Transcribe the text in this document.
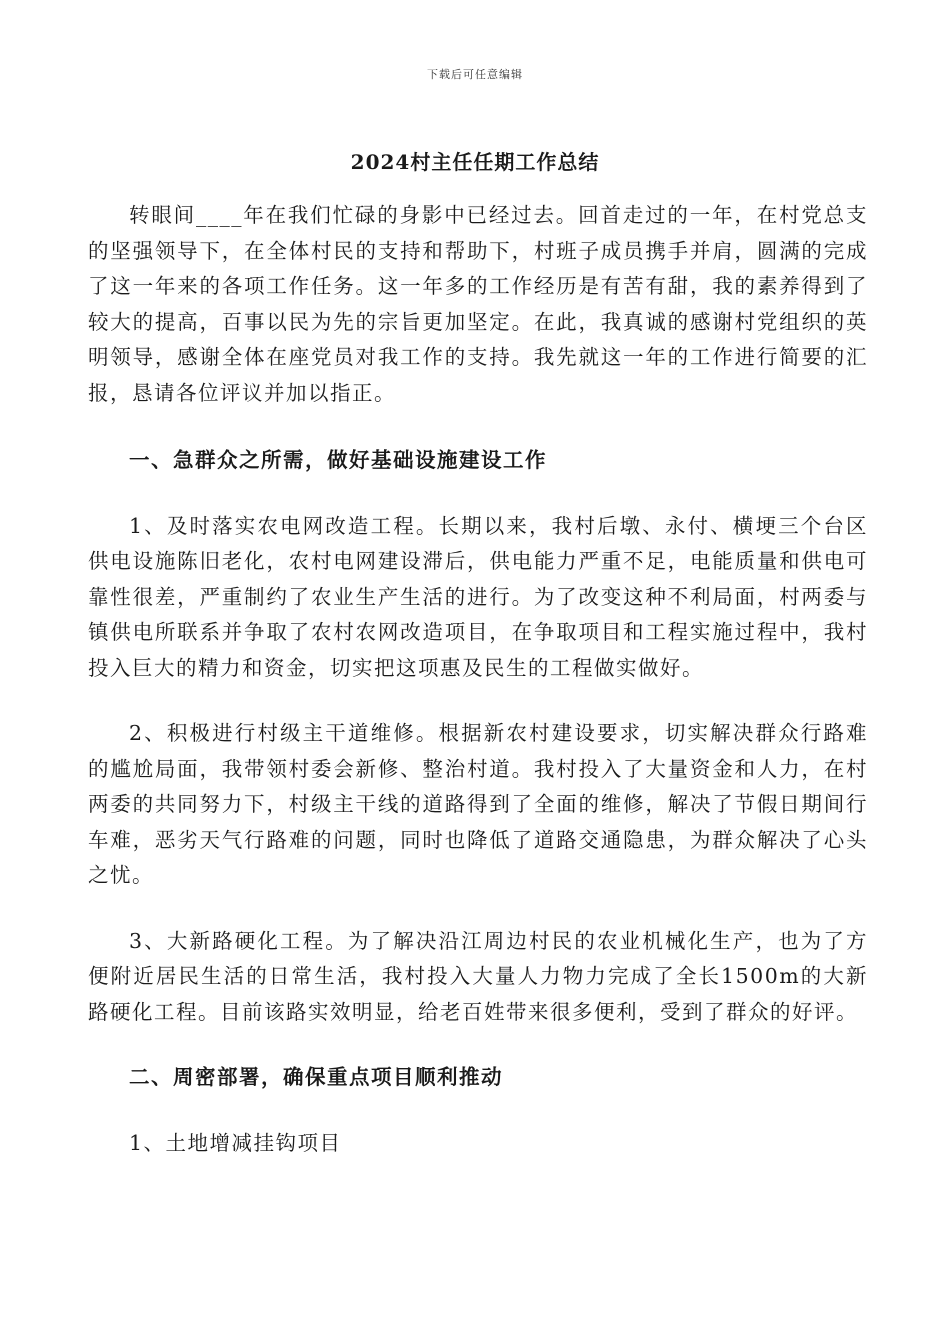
下载后可任意编辑
2024村主任任期工作总结

转眼间____年在我们忙碌的身影中已经过去。回首走过的一年，在村党总支的坚强领导下，在全体村民的支持和帮助下，村班子成员携手并肩，圆满的完成了这一年来的各项工作任务。这一年多的工作经历是有苦有甜，我的素养得到了较大的提高，百事以民为先的宗旨更加坚定。在此，我真诚的感谢村党组织的英明领导，感谢全体在座党员对我工作的支持。我先就这一年的工作进行简要的汇报，恳请各位评议并加以指正。

一、急群众之所需，做好基础设施建设工作

1、及时落实农电网改造工程。长期以来，我村后墩、永付、横埂三个台区供电设施陈旧老化，农村电网建设滞后，供电能力严重不足，电能质量和供电可靠性很差，严重制约了农业生产生活的进行。为了改变这种不利局面，村两委与镇供电所联系并争取了农村农网改造项目，在争取项目和工程实施过程中，我村投入巨大的精力和资金，切实把这项惠及民生的工程做实做好。

2、积极进行村级主干道维修。根据新农村建设要求，切实解决群众行路难的尴尬局面，我带领村委会新修、整治村道。我村投入了大量资金和人力，在村两委的共同努力下，村级主干线的道路得到了全面的维修，解决了节假日期间行车难，恶劣天气行路难的问题，同时也降低了道路交通隐患，为群众解决了心头之忧。

3、大新路硬化工程。为了解决沿江周边村民的农业机械化生产，也为了方便附近居民生活的日常生活，我村投入大量人力物力完成了全长1500m的大新路硬化工程。目前该路实效明显，给老百姓带来很多便利，受到了群众的好评。

二、周密部署，确保重点项目顺利推动

1、土地增减挂钩项目
